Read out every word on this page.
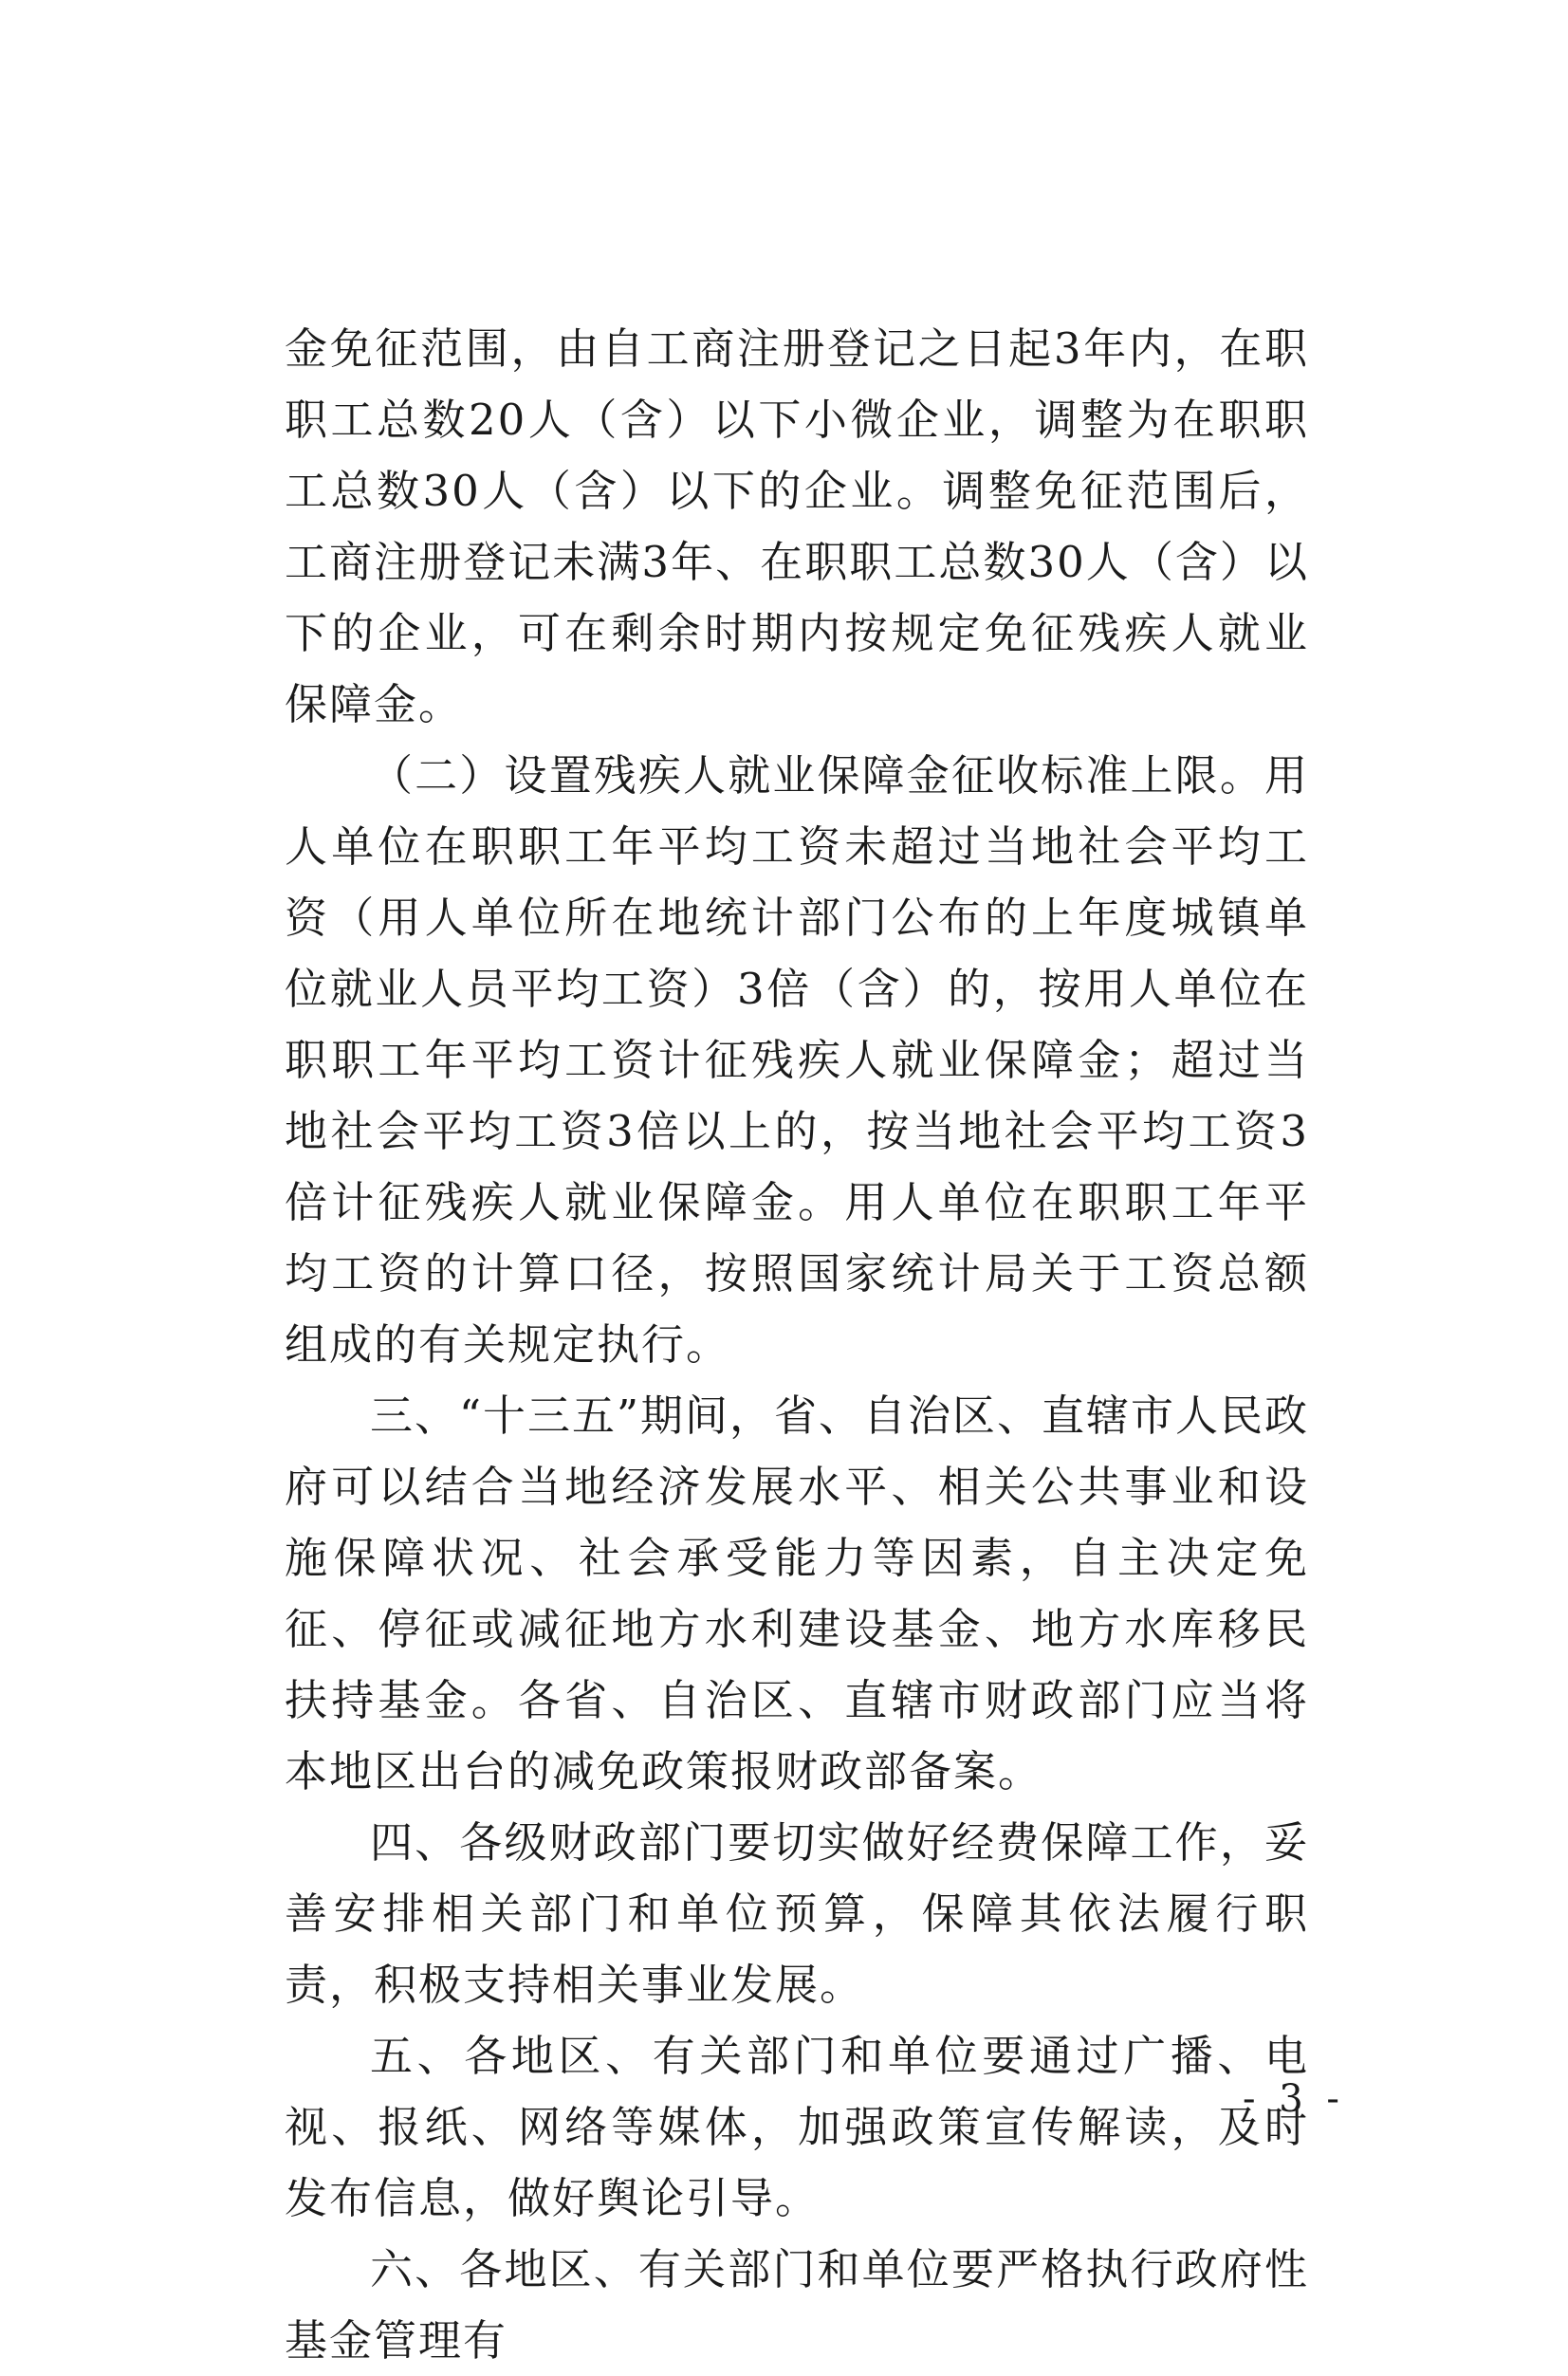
金免征范围，由自工商注册登记之日起3年内，在职职工总数20人（含）以下小微企业，调整为在职职工总数30人（含）以下的企业。调整免征范围后，工商注册登记未满3年、在职职工总数30人（含）以下的企业，可在剩余时期内按规定免征残疾人就业保障金。

（二）设置残疾人就业保障金征收标准上限。用人单位在职职工年平均工资未超过当地社会平均工资（用人单位所在地统计部门公布的上年度城镇单位就业人员平均工资）3倍（含）的，按用人单位在职职工年平均工资计征残疾人就业保障金；超过当地社会平均工资3倍以上的，按当地社会平均工资3倍计征残疾人就业保障金。用人单位在职职工年平均工资的计算口径，按照国家统计局关于工资总额组成的有关规定执行。

三、“十三五”期间，省、自治区、直辖市人民政府可以结合当地经济发展水平、相关公共事业和设施保障状况、社会承受能力等因素，自主决定免征、停征或减征地方水利建设基金、地方水库移民扶持基金。各省、自治区、直辖市财政部门应当将本地区出台的减免政策报财政部备案。

四、各级财政部门要切实做好经费保障工作，妥善安排相关部门和单位预算，保障其依法履行职责，积极支持相关事业发展。

五、各地区、有关部门和单位要通过广播、电视、报纸、网络等媒体，加强政策宣传解读，及时发布信息，做好舆论引导。

六、各地区、有关部门和单位要严格执行政府性基金管理有

- 3 -
